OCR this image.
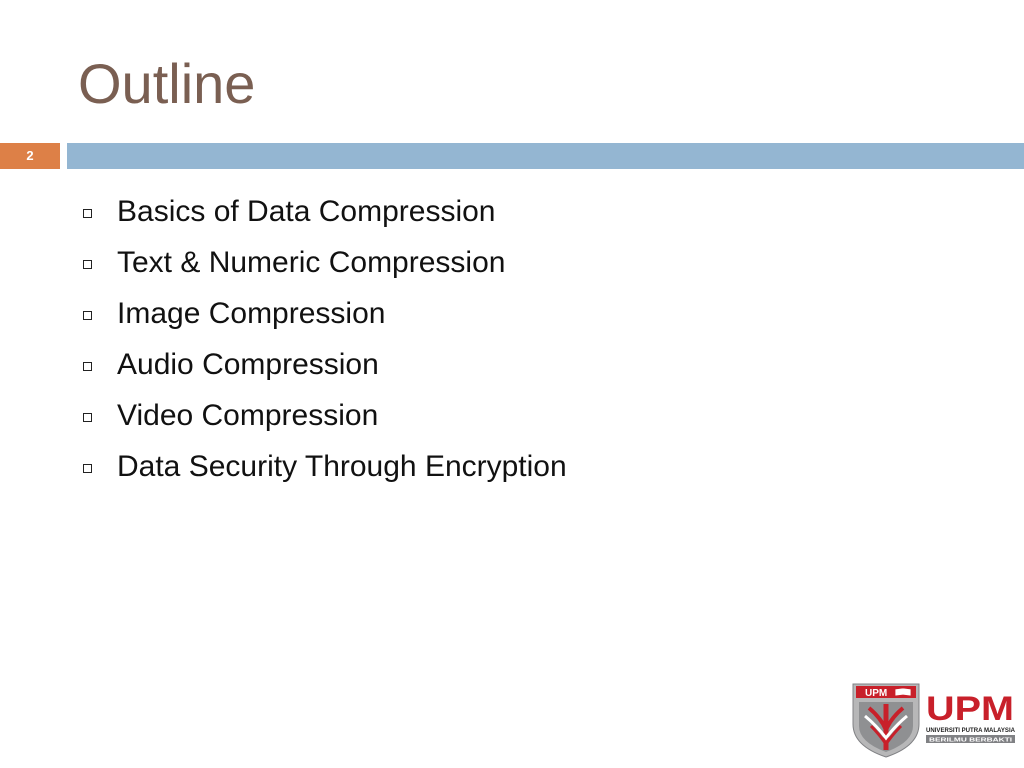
Outline
2
Basics of Data Compression
Text & Numeric Compression
Image Compression
Audio Compression
Video Compression
Data Security Through Encryption
UPM UPM
UNIVERSITI PUTRA MALAYSIA
BERILMU BERBAKTI
